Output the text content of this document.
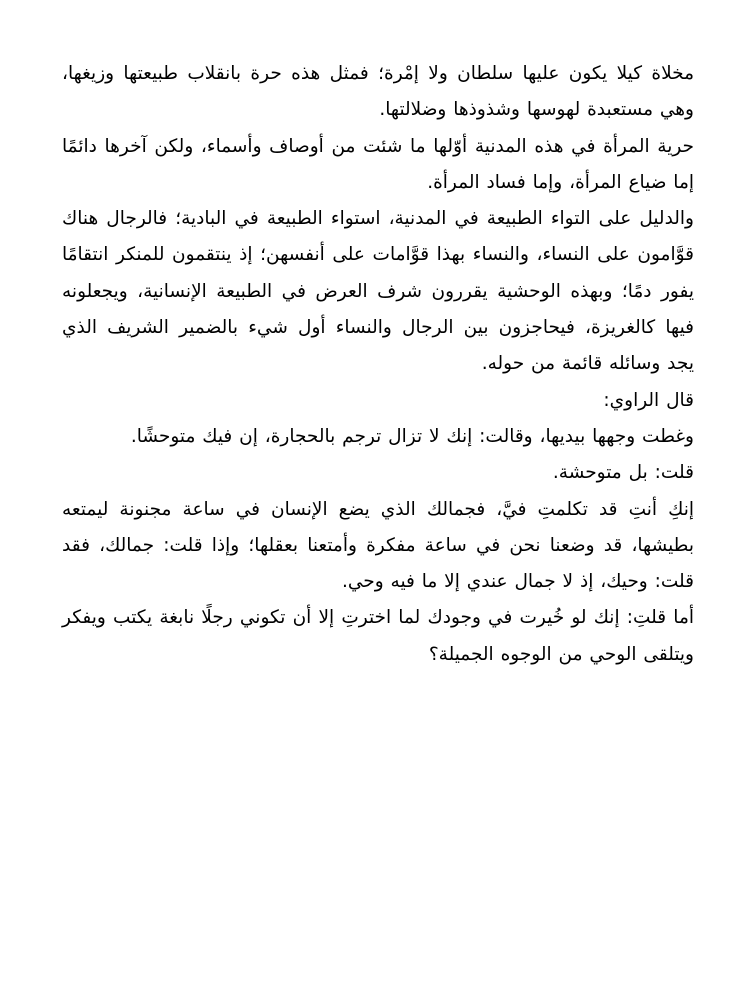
مخلاة كيلا يكون عليها سلطان ولا إمْرة؛ فمثل هذه حرة بانقلاب طبيعتها وزيغها، وهي مستعبدة لهوسها وشذوذها وضلالتها.

حرية المرأة في هذه المدنية أوّلها ما شئت من أوصاف وأسماء، ولكن آخرها دائمًا إما ضياع المرأة، وإما فساد المرأة.

والدليل على التواء الطبيعة في المدنية، استواء الطبيعة في البادية؛ فالرجال هناك قوَّامون على النساء، والنساء بهذا قوَّامات على أنفسهن؛ إذ ينتقمون للمنكر انتقامًا يفور دمًا؛ وبهذه الوحشية يقررون شرف العرض في الطبيعة الإنسانية، ويجعلونه فيها كالغريزة، فيحاجزون بين الرجال والنساء أول شيء بالضمير الشريف الذي يجد وسائله قائمة من حوله.

قال الراوي:

وغطت وجهها بيديها، وقالت: إنك لا تزال ترجم بالحجارة، إن فيك متوحشًا.

قلت: بل متوحشة.

إنكِ أنتِ قد تكلمتِ فيَّ، فجمالك الذي يضع الإنسان في ساعة مجنونة ليمتعه بطيشها، قد وضعنا نحن في ساعة مفكرة وأمتعنا بعقلها؛ وإذا قلت: جمالك، فقد قلت: وحيك، إذ لا جمال عندي إلا ما فيه وحي.

أما قلتِ: إنك لو خُيرت في وجودك لما اخترتِ إلا أن تكوني رجلًا نابغة يكتب ويفكر ويتلقى الوحي من الوجوه الجميلة؟
